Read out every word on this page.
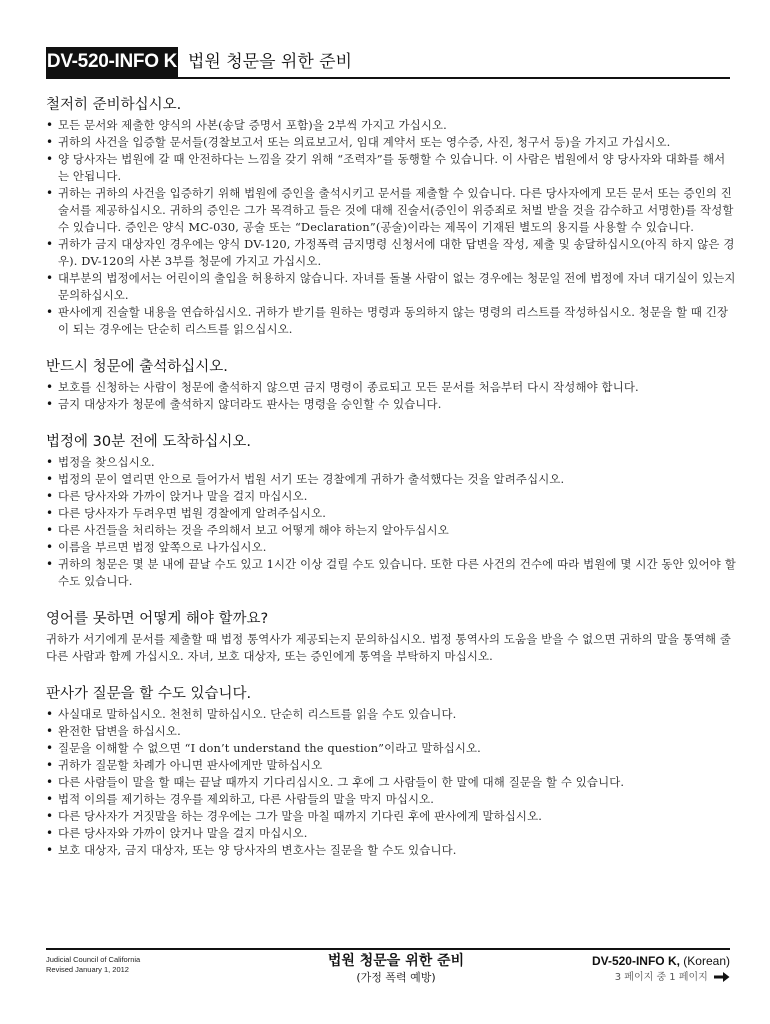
DV-520-INFO K 법원 청문을 위한 준비
철저히 준비하십시오.
• 모든 문서와 제출한 양식의 사본(송달 증명서 포함)을 2부씩 가지고 가십시오.
• 귀하의 사건을 입증할 문서들(경찰보고서 또는 의료보고서, 임대 계약서 또는 영수증, 사진, 청구서 등)을 가지고 가십시오.
• 양 당사자는 법원에 갈 때 안전하다는 느낌을 갖기 위해 “조력자”를 동행할 수 있습니다. 이 사람은 법원에서 양 당사자와 대화를 해서는 안됩니다.
• 귀하는 귀하의 사건을 입증하기 위해 법원에 증인을 출석시키고 문서를 제출할 수 있습니다. 다른 당사자에게 모든 문서 또는 증인의 진술서를 제공하십시오. 귀하의 증인은 그가 목격하고 들은 것에 대해 진술서(증인이 위증죄로 처벌 받을 것을 감수하고 서명한)를 작성할 수 있습니다. 증인은 양식 MC-030, 공술 또는 “Declaration”(공술)이라는 제목이 기재된 별도의 용지를 사용할 수 있습니다.
• 귀하가 금지 대상자인 경우에는 양식 DV-120, 가정폭력 금지명령 신청서에 대한 답변을 작성, 제출 및 송달하십시오(아직 하지 않은 경우). DV-120의 사본 3부를 청문에 가지고 가십시오.
• 대부분의 법정에서는 어린이의 출입을 허용하지 않습니다. 자녀를 돌볼 사람이 없는 경우에는 청문일 전에 법정에 자녀 대기실이 있는지 문의하십시오.
• 판사에게 진술할 내용을 연습하십시오. 귀하가 받기를 원하는 명령과 동의하지 않는 명령의 리스트를 작성하십시오. 청문을 할 때 긴장이 되는 경우에는 단순히 리스트를 읽으십시오.
반드시 청문에 출석하십시오.
• 보호를 신청하는 사람이 청문에 출석하지 않으면 금지 명령이 종료되고 모든 문서를 처음부터 다시 작성해야 합니다.
• 금지 대상자가 청문에 출석하지 않더라도 판사는 명령을 승인할 수 있습니다.
법정에 30분 전에 도착하십시오.
• 법정을 찾으십시오.
• 법정의 문이 열리면 안으로 들어가서 법원 서기 또는 경찰에게 귀하가 출석했다는 것을 알려주십시오.
• 다른 당사자와 가까이 앉거나 말을 걸지 마십시오.
• 다른 당사자가 두려우면 법원 경찰에게 알려주십시오.
• 다른 사건들을 처리하는 것을 주의해서 보고 어떻게 해야 하는지 알아두십시오
• 이름을 부르면 법정 앞쪽으로 나가십시오.
• 귀하의 청문은 몇 분 내에 끝날 수도 있고 1시간 이상 걸릴 수도 있습니다. 또한 다른 사건의 건수에 따라 법원에 몇 시간 동안 있어야 할 수도 있습니다.
영어를 못하면 어떻게 해야 할까요?

귀하가 서기에게 문서를 제출할 때 법정 통역사가 제공되는지 문의하십시오. 법정 통역사의 도움을 받을 수 없으면 귀하의 말을 통역해 줄 다른 사람과 함께 가십시오. 자녀, 보호 대상자, 또는 증인에게 통역을 부탁하지 마십시오.

판사가 질문을 할 수도 있습니다.
• 사실대로 말하십시오. 천천히 말하십시오. 단순히 리스트를 읽을 수도 있습니다.
• 완전한 답변을 하십시오.
• 질문을 이해할 수 없으면 “I don’t understand the question”이라고 말하십시오.
• 귀하가 질문할 차례가 아니면 판사에게만 말하십시오
• 다른 사람들이 말을 할 때는 끝날 때까지 기다리십시오. 그 후에 그 사람들이 한 말에 대해 질문을 할 수 있습니다.
• 법적 이의를 제기하는 경우를 제외하고, 다른 사람들의 말을 막지 마십시오.
• 다른 당사자가 거짓말을 하는 경우에는 그가 말을 마칠 때까지 기다린 후에 판사에게 말하십시오.
• 다른 당사자와 가까이 앉거나 말을 걸지 마십시오.
• 보호 대상자, 금지 대상자, 또는 양 당사자의 변호사는 질문을 할 수도 있습니다.
Judicial Council of California
Revised January 1, 2012
법원 청문을 위한 준비
(가정 폭력 예방)
DV-520-INFO K, (Korean)
3 페이지 중 1 페이지
